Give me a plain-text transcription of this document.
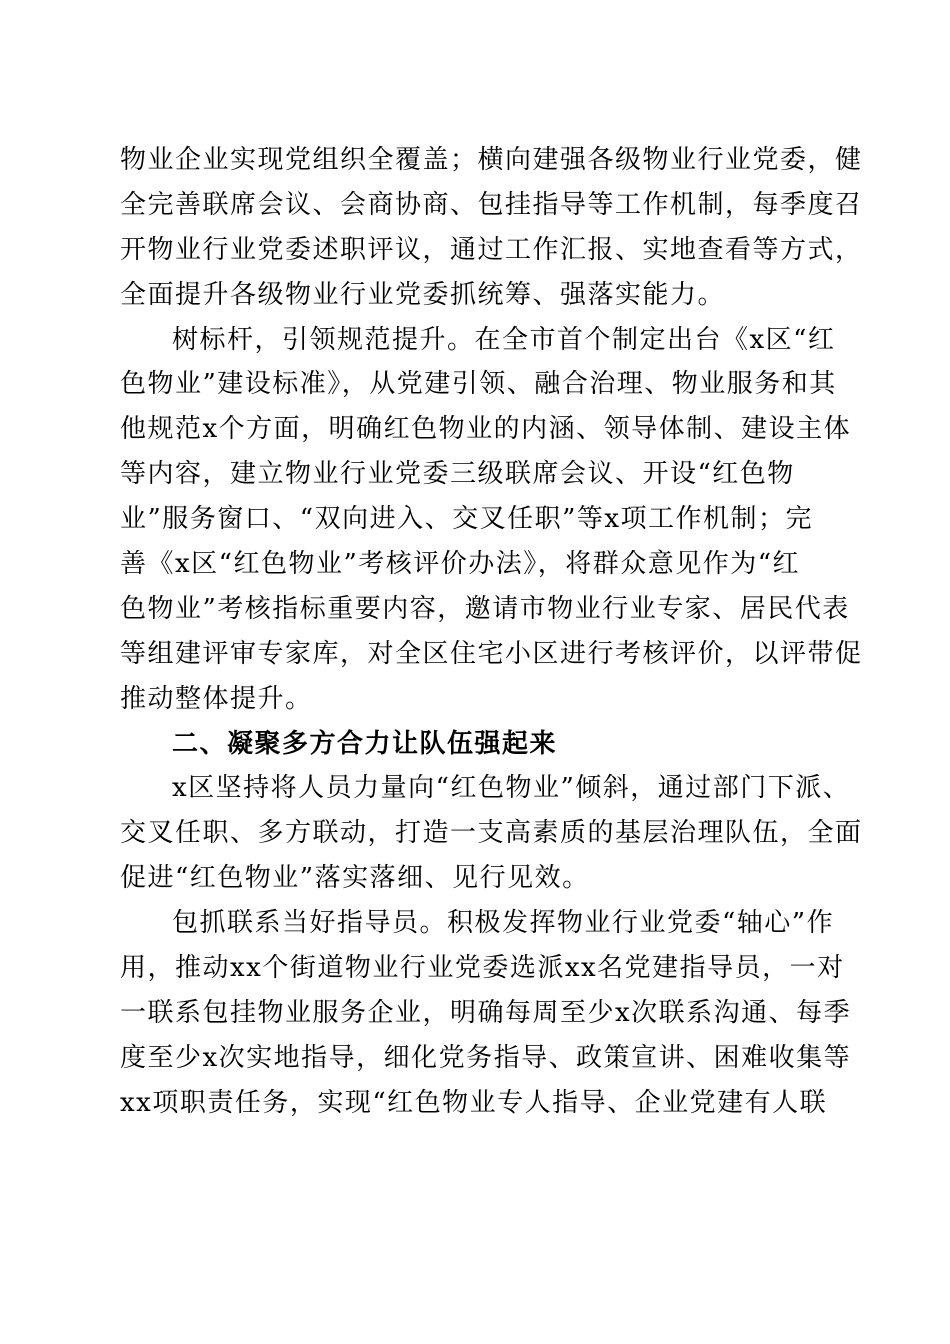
物业企业实现党组织全覆盖；横向建强各级物业行业党委，健
全完善联席会议、会商协商、包挂指导等工作机制，每季度召
开物业行业党委述职评议，通过工作汇报、实地查看等方式，
全面提升各级物业行业党委抓统筹、强落实能力。
树标杆，引领规范提升。在全市首个制定出台《x区“红
色物业”建设标准》，从党建引领、融合治理、物业服务和其
他规范x个方面，明确红色物业的内涵、领导体制、建设主体
等内容，建立物业行业党委三级联席会议、开设“红色物
业”服务窗口、“双向进入、交叉任职”等x项工作机制；完
善《x区“红色物业”考核评价办法》，将群众意见作为“红
色物业”考核指标重要内容，邀请市物业行业专家、居民代表
等组建评审专家库，对全区住宅小区进行考核评价，以评带促
推动整体提升。
二、凝聚多方合力让队伍强起来
x区坚持将人员力量向“红色物业”倾斜，通过部门下派、
交叉任职、多方联动，打造一支高素质的基层治理队伍，全面
促进“红色物业”落实落细、见行见效。
包抓联系当好指导员。积极发挥物业行业党委“轴心”作
用，推动xx个街道物业行业党委选派xx名党建指导员，一对
一联系包挂物业服务企业，明确每周至少x次联系沟通、每季
度至少x次实地指导，细化党务指导、政策宣讲、困难收集等
xx项职责任务，实现“红色物业专人指导、企业党建有人联
